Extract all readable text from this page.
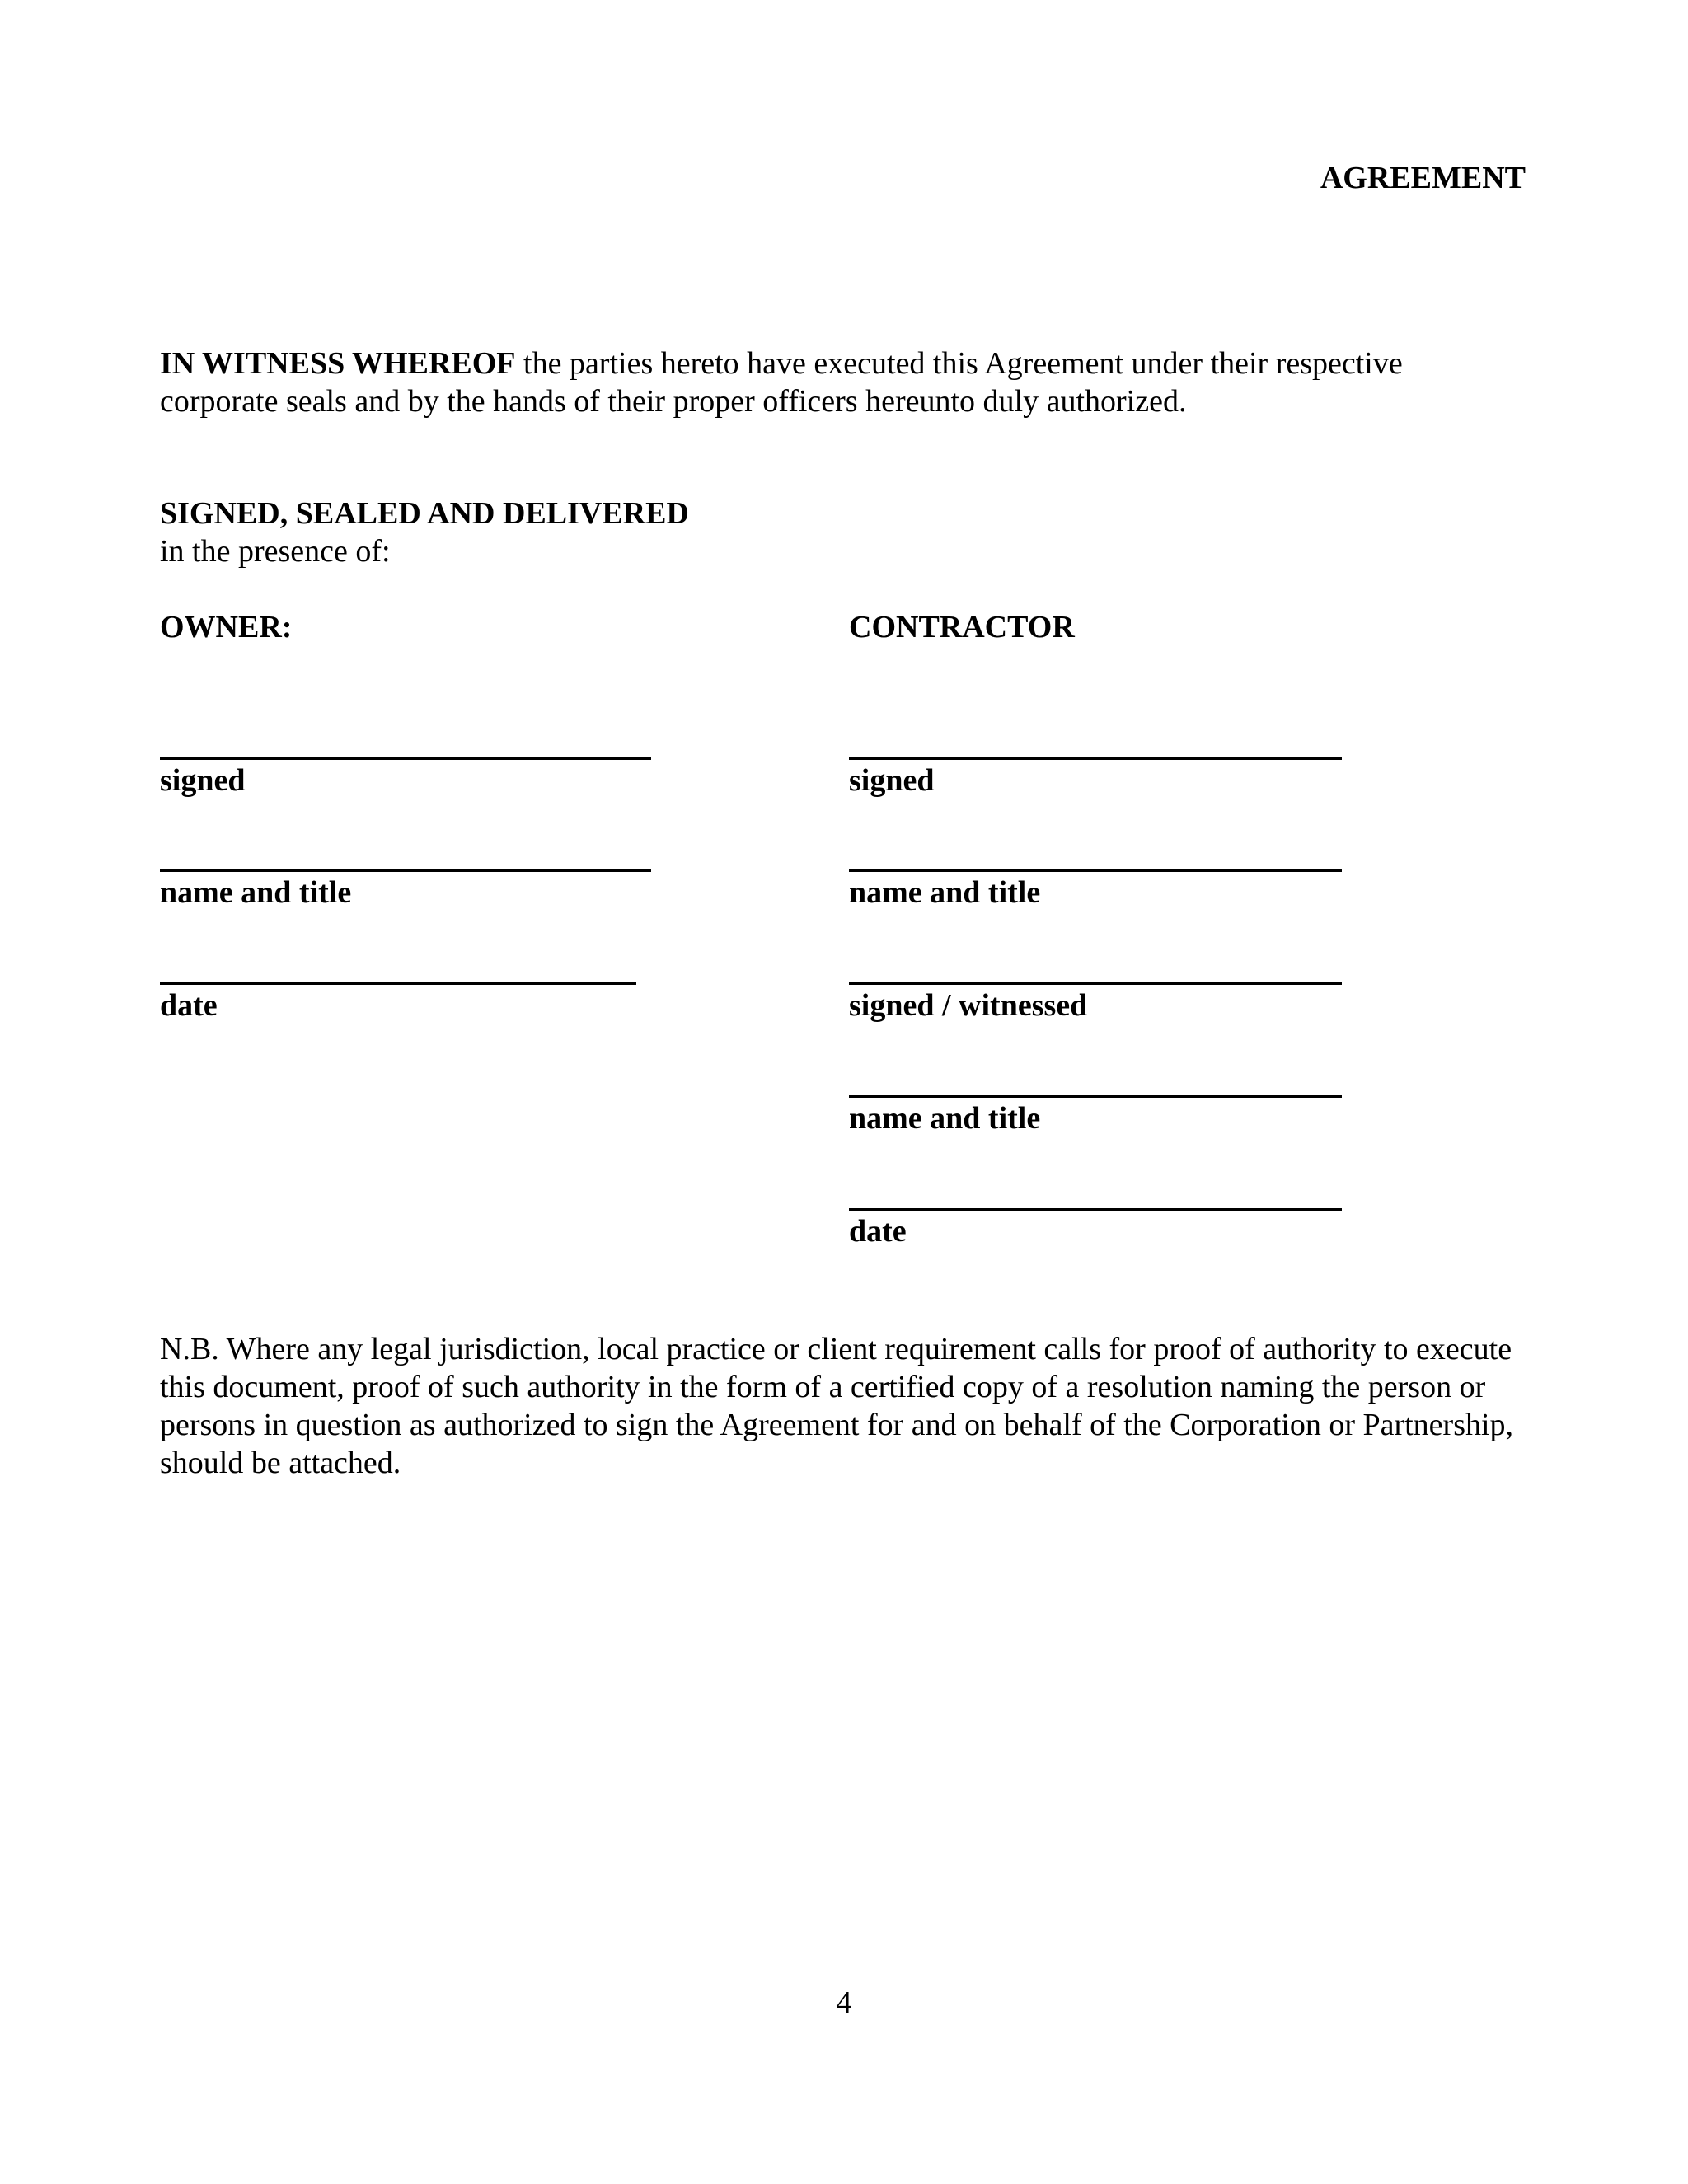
AGREEMENT

IN WITNESS WHEREOF the parties hereto have executed this Agreement under their respective corporate seals and by the hands of their proper officers hereunto duly authorized.

SIGNED, SEALED AND DELIVERED
in the presence of:
OWNER:
signed
name and title
date
CONTRACTOR
signed
name and title
signed / witnessed
name and title
date

N.B. Where any legal jurisdiction, local practice or client requirement calls for proof of authority to execute this document, proof of such authority in the form of a certified copy of a resolution naming the person or persons in question as authorized to sign the Agreement for and on behalf of the Corporation or Partnership, should be attached.

4
